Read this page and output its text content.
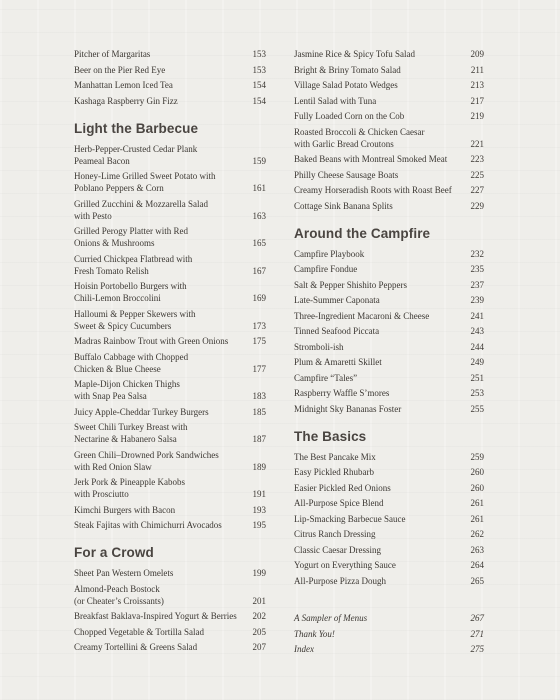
Pitcher of Margaritas	153
Beer on the Pier Red Eye	153
Manhattan Lemon Iced Tea	154
Kashaga Raspberry Gin Fizz	154
Light the Barbecue
Herb-Pepper-Crusted Cedar Plank
Peameal Bacon	159
Honey-Lime Grilled Sweet Potato with
Poblano Peppers & Corn	161
Grilled Zucchini & Mozzarella Salad
with Pesto	163
Grilled Perogy Platter with Red
Onions & Mushrooms	165
Curried Chickpea Flatbread with
Fresh Tomato Relish	167
Hoisin Portobello Burgers with
Chili-Lemon Broccolini	169
Halloumi & Pepper Skewers with
Sweet & Spicy Cucumbers	173
Madras Rainbow Trout with Green Onions	175
Buffalo Cabbage with Chopped
Chicken & Blue Cheese	177
Maple-Dijon Chicken Thighs
with Snap Pea Salsa	183
Juicy Apple-Cheddar Turkey Burgers	185
Sweet Chili Turkey Breast with
Nectarine & Habanero Salsa	187
Green Chili–Drowned Pork Sandwiches
with Red Onion Slaw	189
Jerk Pork & Pineapple Kabobs
with Prosciutto	191
Kimchi Burgers with Bacon	193
Steak Fajitas with Chimichurri Avocados	195
For a Crowd
Sheet Pan Western Omelets	199
Almond-Peach Bostock
(or Cheater’s Croissants)	201
Breakfast Baklava-Inspired Yogurt & Berries	202
Chopped Vegetable & Tortilla Salad	205
Creamy Tortellini & Greens Salad	207
Jasmine Rice & Spicy Tofu Salad	209
Bright & Briny Tomato Salad	211
Village Salad Potato Wedges	213
Lentil Salad with Tuna	217
Fully Loaded Corn on the Cob	219
Roasted Broccoli & Chicken Caesar
with Garlic Bread Croutons	221
Baked Beans with Montreal Smoked Meat	223
Philly Cheese Sausage Boats	225
Creamy Horseradish Roots with Roast Beef	227
Cottage Sink Banana Splits	229
Around the Campfire
Campfire Playbook	232
Campfire Fondue	235
Salt & Pepper Shishito Peppers	237
Late-Summer Caponata	239
Three-Ingredient Macaroni & Cheese	241
Tinned Seafood Piccata	243
Stromboli-ish	244
Plum & Amaretti Skillet	249
Campfire “Tales”	251
Raspberry Waffle S’mores	253
Midnight Sky Bananas Foster	255
The Basics
The Best Pancake Mix	259
Easy Pickled Rhubarb	260
Easier Pickled Red Onions	260
All-Purpose Spice Blend	261
Lip-Smacking Barbecue Sauce	261
Citrus Ranch Dressing	262
Classic Caesar Dressing	263
Yogurt on Everything Sauce	264
All-Purpose Pizza Dough	265
A Sampler of Menus	267
Thank You!	271
Index	275
